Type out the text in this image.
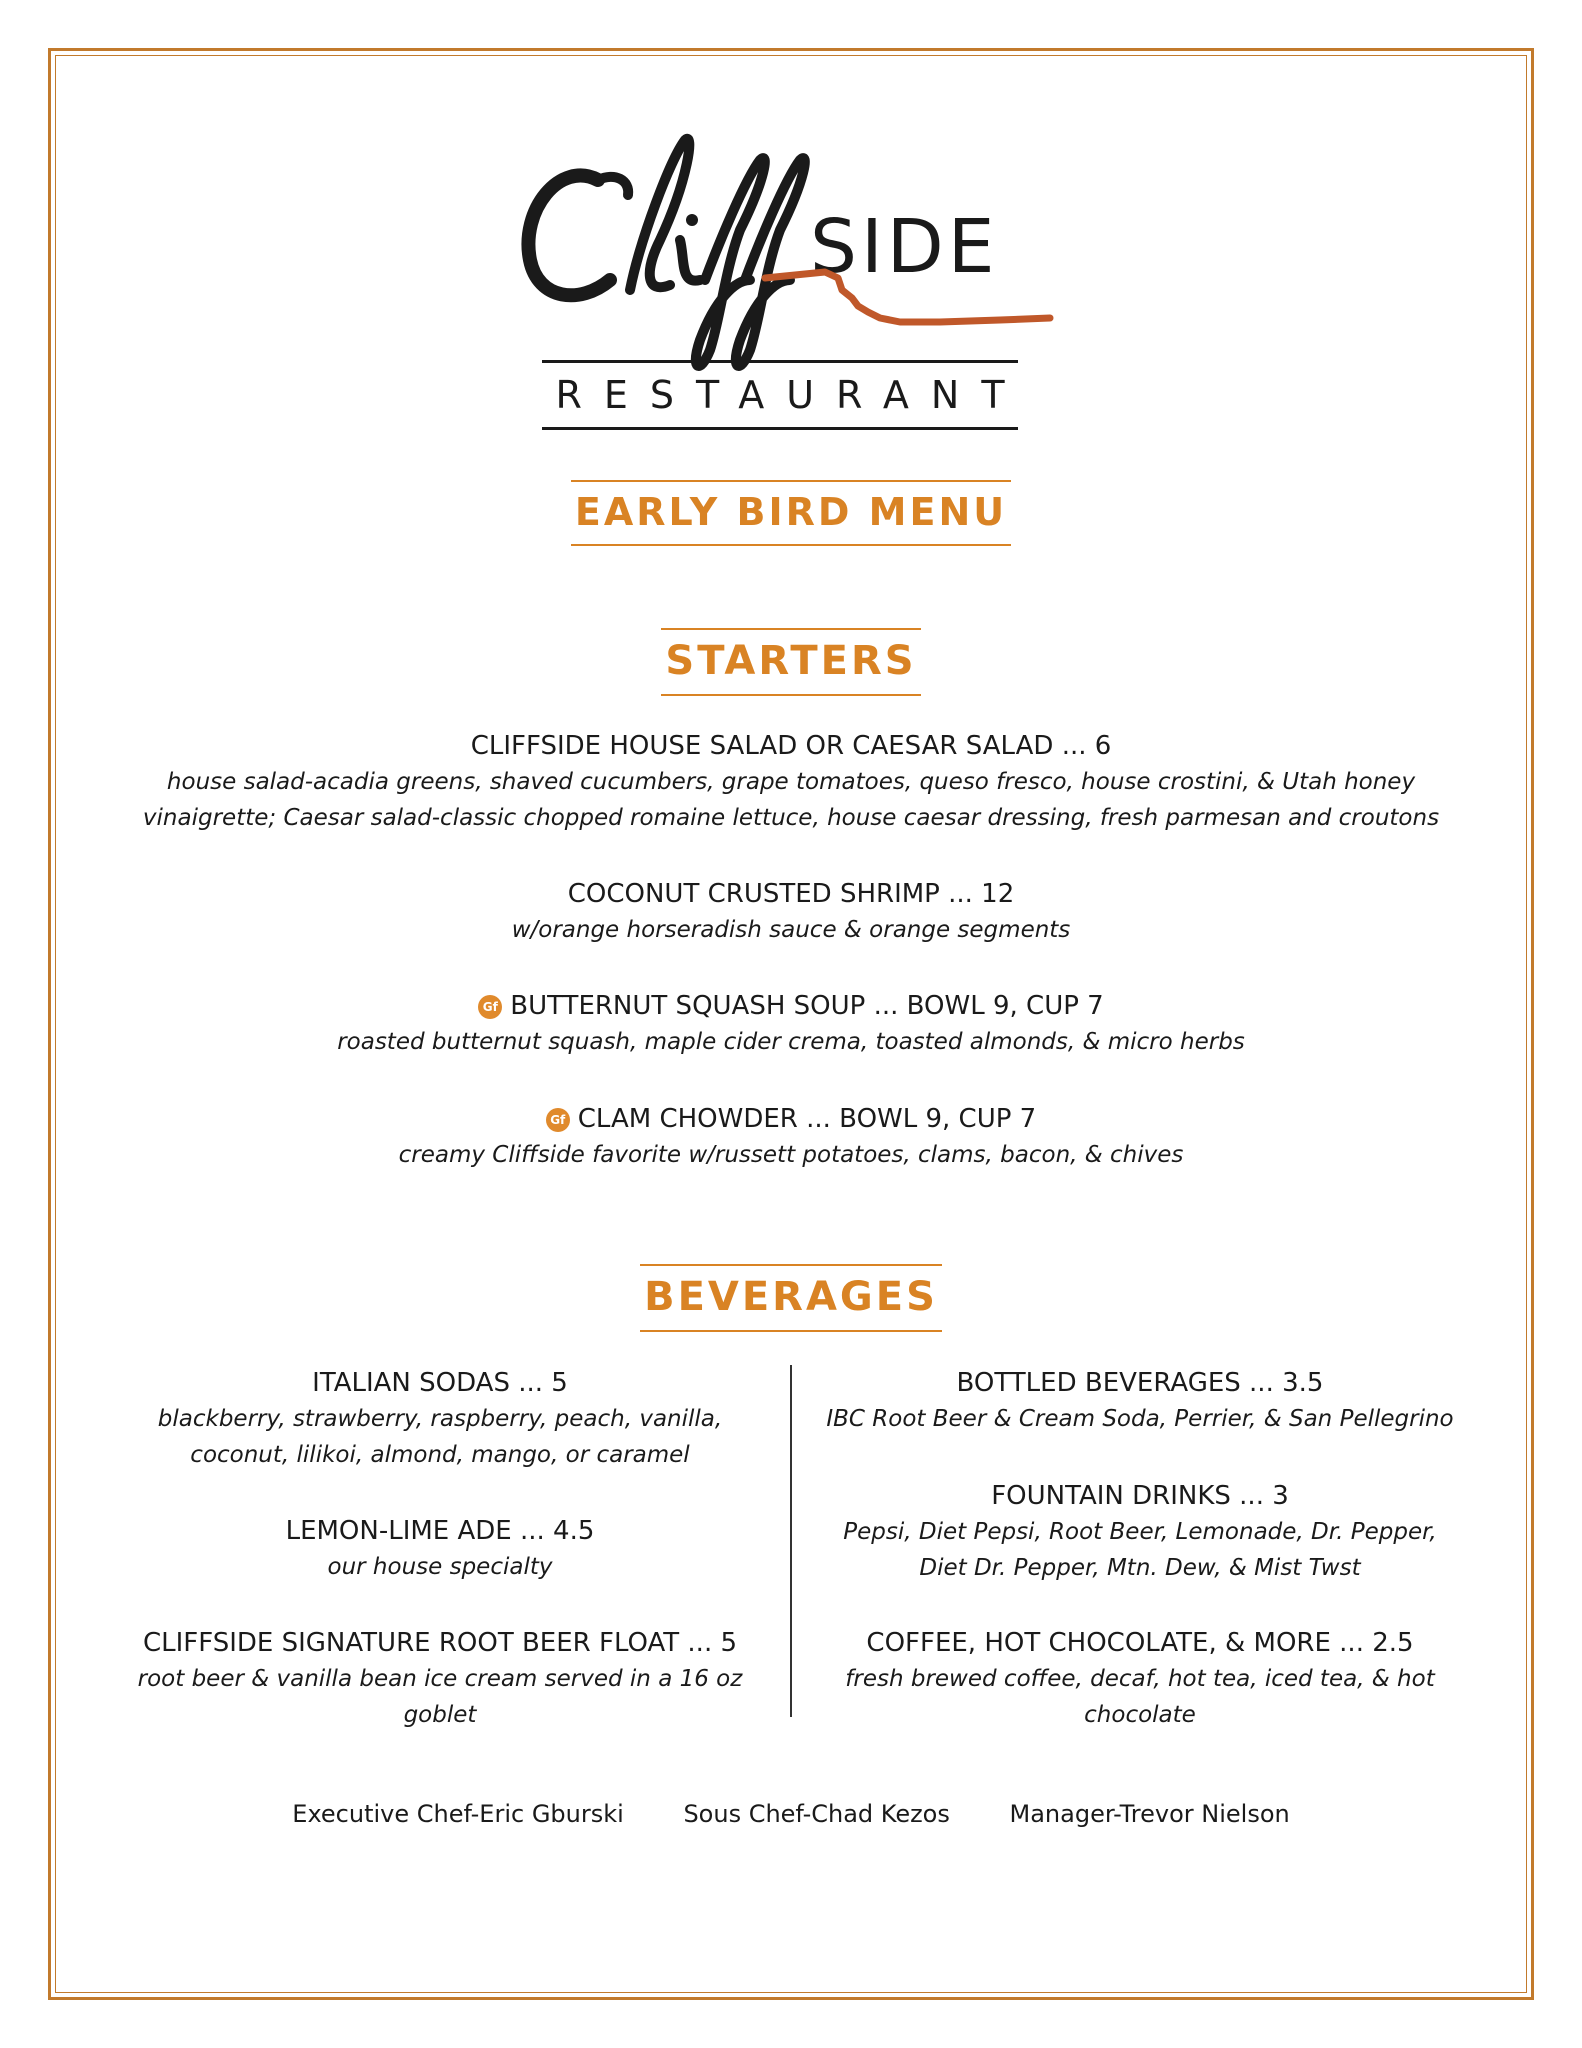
SIDE
RESTAURANT
EARLY BIRD MENU
STARTERS
CLIFFSIDE HOUSE SALAD OR CAESAR SALAD ... 6
house salad-acadia greens, shaved cucumbers, grape tomatoes, queso fresco, house crostini, & Utah honey
vinaigrette; Caesar salad-classic chopped romaine lettuce, house caesar dressing, fresh parmesan and croutons
COCONUT CRUSTED SHRIMP ... 12
w/orange horseradish sauce & orange segments
Gf BUTTERNUT SQUASH SOUP ... BOWL 9, CUP 7
roasted butternut squash, maple cider crema, toasted almonds, & micro herbs
Gf CLAM CHOWDER ... BOWL 9, CUP 7
creamy Cliffside favorite w/russett potatoes, clams, bacon, & chives
BEVERAGES
ITALIAN SODAS ... 5
blackberry, strawberry, raspberry, peach, vanilla,
coconut, lilikoi, almond, mango, or caramel
LEMON-LIME ADE ... 4.5
our house specialty
CLIFFSIDE SIGNATURE ROOT BEER FLOAT ... 5
root beer & vanilla bean ice cream served in a 16 oz
goblet
BOTTLED BEVERAGES ... 3.5
IBC Root Beer & Cream Soda, Perrier, & San Pellegrino
FOUNTAIN DRINKS ... 3
Pepsi, Diet Pepsi, Root Beer, Lemonade, Dr. Pepper,
Diet Dr. Pepper, Mtn. Dew, & Mist Twst
COFFEE, HOT CHOCOLATE, & MORE ... 2.5
fresh brewed coffee, decaf, hot tea, iced tea, & hot
chocolate
Executive Chef-Eric Gburski Sous Chef-Chad Kezos Manager-Trevor Nielson
